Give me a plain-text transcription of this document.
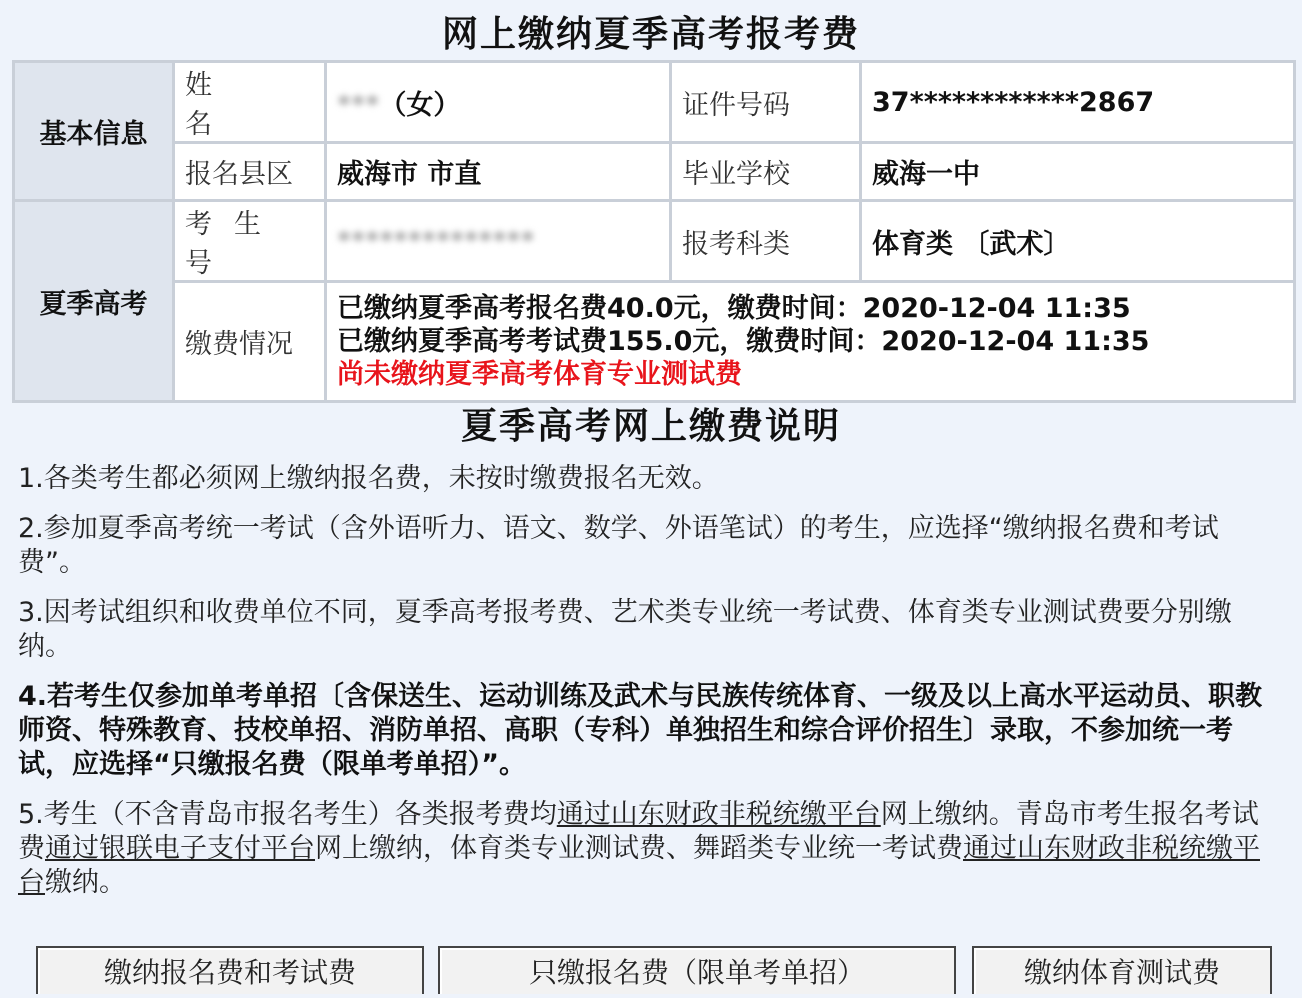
网上缴纳夏季高考报考费
基本信息	姓　　名	***（女）	证件号码	37************2867
	报名县区	威海市 市直	毕业学校	威海一中
夏季高考	考生号	**************	报考科类	体育类 〔武术〕
	缴费情况	已缴纳夏季高考报名费40.0元，缴费时间：2020-12-04 11:35
已缴纳夏季高考考试费155.0元，缴费时间：2020-12-04 11:35
尚未缴纳夏季高考体育专业测试费		
夏季高考网上缴费说明

1.各类考生都必须网上缴纳报名费，未按时缴费报名无效。

2.参加夏季高考统一考试（含外语听力、语文、数学、外语笔试）的考生，应选择“缴纳报名费和考试费”。

3.因考试组织和收费单位不同，夏季高考报考费、艺术类专业统一考试费、体育类专业测试费要分别缴纳。

4.若考生仅参加单考单招〔含保送生、运动训练及武术与民族传统体育、一级及以上高水平运动员、职教师资、特殊教育、技校单招、消防单招、高职（专科）单独招生和综合评价招生〕录取，不参加统一考试，应选择“只缴报名费（限单考单招）”。

5.考生（不含青岛市报名考生）各类报考费均通过山东财政非税统缴平台网上缴纳。青岛市考生报名考试费通过银联电子支付平台网上缴纳，体育类专业测试费、舞蹈类专业统一考试费通过山东财政非税统缴平台缴纳。

缴纳报名费和考试费	只缴报名费（限单考单招）	缴纳体育测试费
